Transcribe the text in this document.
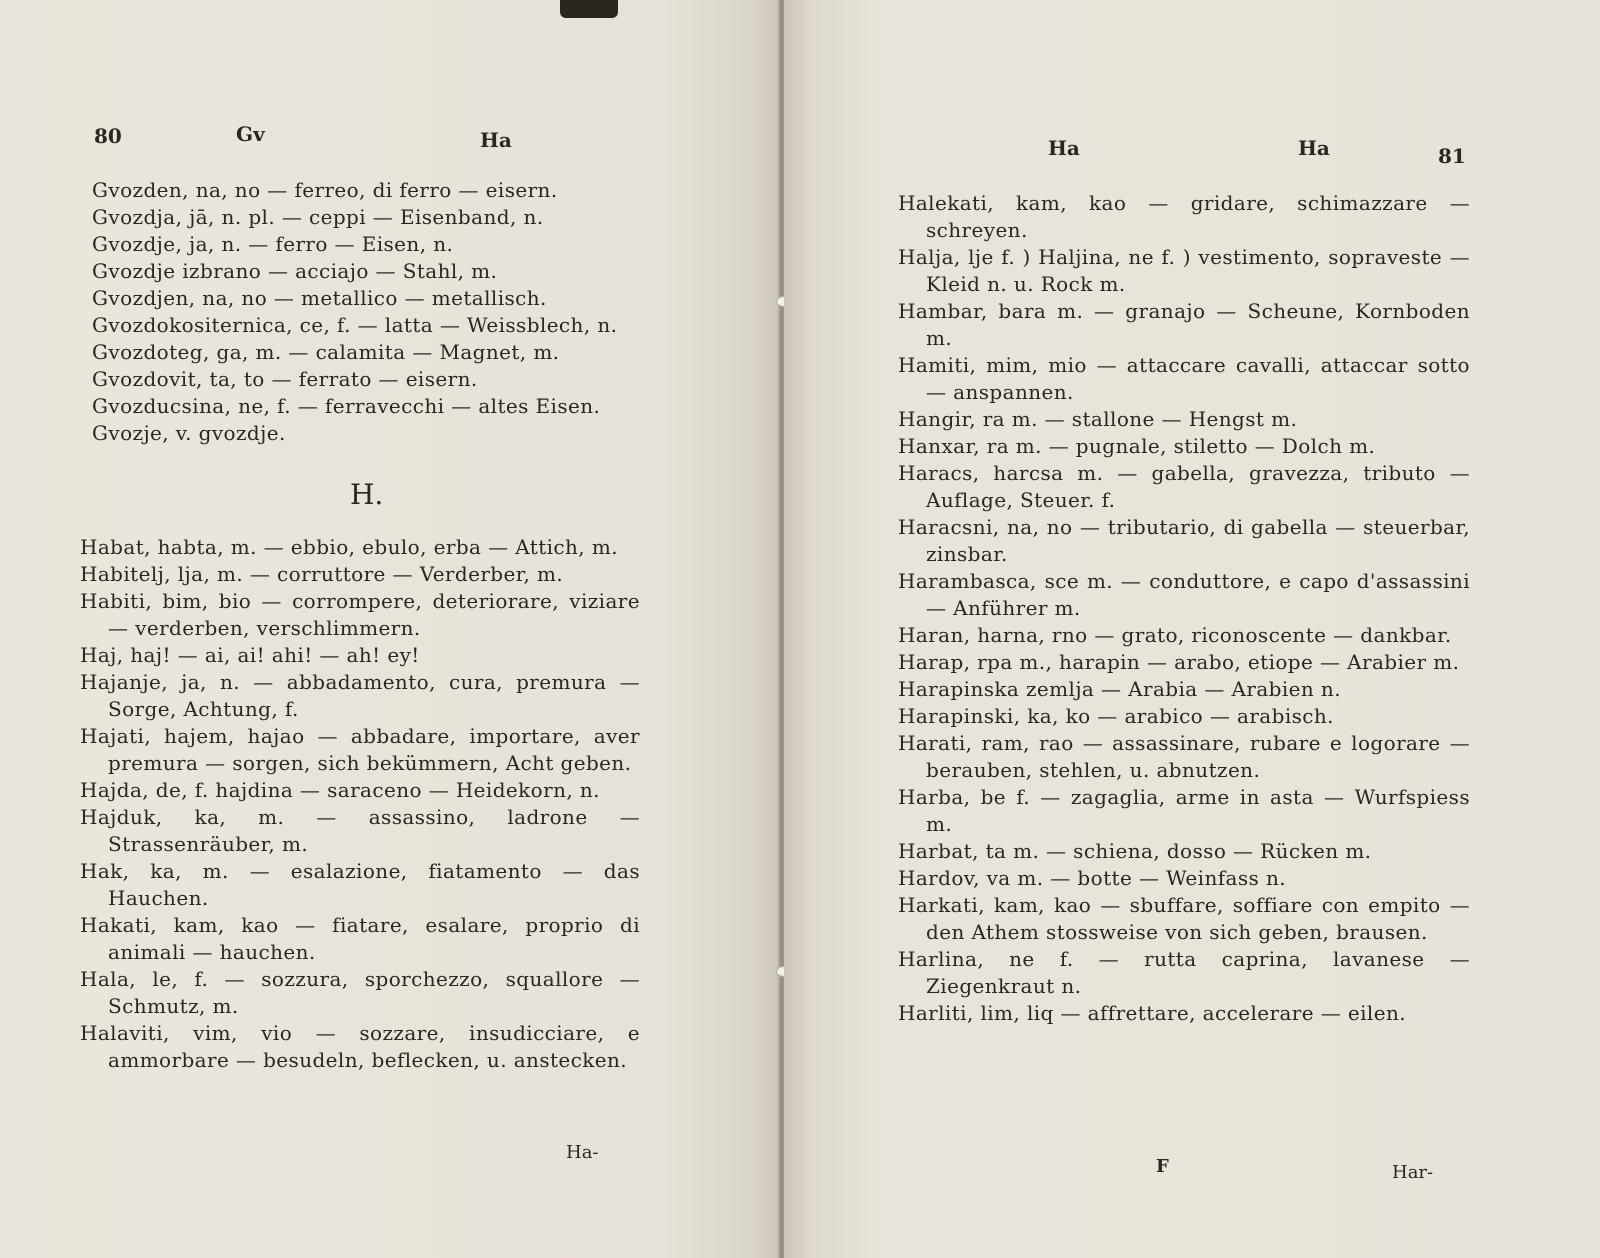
80	Gv	Ha
Gvozden, na, no — ferreo, di ferro — eisern.
Gvozdja, jā, n. pl. — ceppi — Eisenband, n.
Gvozdje, ja, n. — ferro — Eisen, n.
Gvozdje izbrano — acciajo — Stahl, m.
Gvozdjen, na, no — metallico — metallisch.
Gvozdokositernica, ce, f. — latta — Weissblech, n.
Gvozdoteg, ga, m. — calamita — Magnet, m.
Gvozdovit, ta, to — ferrato — eisern.
Gvozducsina, ne, f. — ferravecchi — altes Eisen.
Gvozje, v. gvozdje.
H.
Habat, habta, m. — ebbio, ebulo, erba — Attich, m.
Habitelj, lja, m. — corruttore — Verderber, m.
Habiti, bim, bio — corrompere, deteriorare, viziare — verderben, verschlimmern.
Haj, haj! — ai, ai! ahi! — ah! ey!
Hajanje, ja, n. — abbadamento, cura, premura — Sorge, Achtung, f.
Hajati, hajem, hajao — abbadare, importare, aver premura — sorgen, sich bekümmern, Acht geben.
Hajda, de, f. hajdina — saraceno — Heidekorn, n.
Hajduk, ka, m. — assassino, ladrone — Strassenräuber, m.
Hak, ka, m. — esalazione, fiatamento — das Hauchen.
Hakati, kam, kao — fiatare, esalare, proprio di animali — hauchen.
Hala, le, f. — sozzura, sporchezzo, squallore — Schmutz, m.
Halaviti, vim, vio — sozzare, insudicciare, e ammorbare — besudeln, beflecken, u. anstecken.
Ha-
Ha	Ha	81
F	Har-
Halekati, kam, kao — gridare, schimazzare — schreyen.
Halja, lje f. ) Haljina, ne f. ) vestimento, sopraveste — Kleid n. u. Rock m.
Hambar, bara m. — granajo — Scheune, Kornboden m.
Hamiti, mim, mio — attaccare cavalli, attaccar sotto — anspannen.
Hangir, ra m. — stallone — Hengst m.
Hanxar, ra m. — pugnale, stiletto — Dolch m.
Haracs, harcsa m. — gabella, gravezza, tributo — Auflage, Steuer. f.
Haracsni, na, no — tributario, di gabella — steuerbar, zinsbar.
Harambasca, sce m. — conduttore, e capo d'assassini — Anführer m.
Haran, harna, rno — grato, riconoscente — dankbar.
Harap, rpa m., harapin — arabo, etiope — Arabier m.
Harapinska zemlja — Arabia — Arabien n.
Harapinski, ka, ko — arabico — arabisch.
Harati, ram, rao — assassinare, rubare e logorare — berauben, stehlen, u. abnutzen.
Harba, be f. — zagaglia, arme in asta — Wurfspiess m.
Harbat, ta m. — schiena, dosso — Rücken m.
Hardov, va m. — botte — Weinfass n.
Harkati, kam, kao — sbuffare, soffiare con empito — den Athem stossweise von sich geben, brausen.
Harlina, ne f. — rutta caprina, lavanese — Ziegenkraut n.
Harliti, lim, liq — affrettare, accelerare — eilen.
